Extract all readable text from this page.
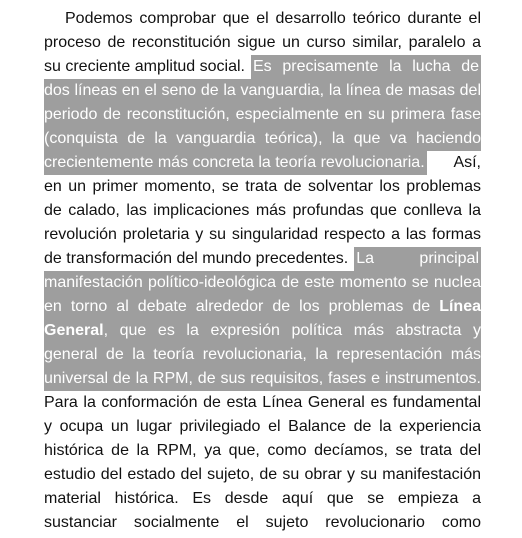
Podemos comprobar que el desarrollo teórico durante el
proceso de reconstitución sigue un curso similar, paralelo a
su creciente amplitud social. Es precisamente la lucha de
dos líneas en el seno de la vanguardia, la línea de masas del
periodo de reconstitución, especialmente en su primera fase
(conquista de la vanguardia teórica), la que va haciendo
crecientemente más concreta la teoría revolucionaria. Así,
en un primer momento, se trata de solventar los problemas
de calado, las implicaciones más profundas que conlleva la
revolución proletaria y su singularidad respecto a las formas
de transformación del mundo precedentes. La principal
manifestación político-ideológica de este momento se nuclea
en torno al debate alrededor de los problemas de Línea
General, que es la expresión política más abstracta y
general de la teoría revolucionaria, la representación más
universal de la RPM, de sus requisitos, fases e instrumentos.
Para la conformación de esta Línea General es fundamental
y ocupa un lugar privilegiado el Balance de la experiencia
histórica de la RPM, ya que, como decíamos, se trata del
estudio del estado del sujeto, de su obrar y su manifestación
material histórica. Es desde aquí que se empieza a
sustanciar socialmente el sujeto revolucionario como
